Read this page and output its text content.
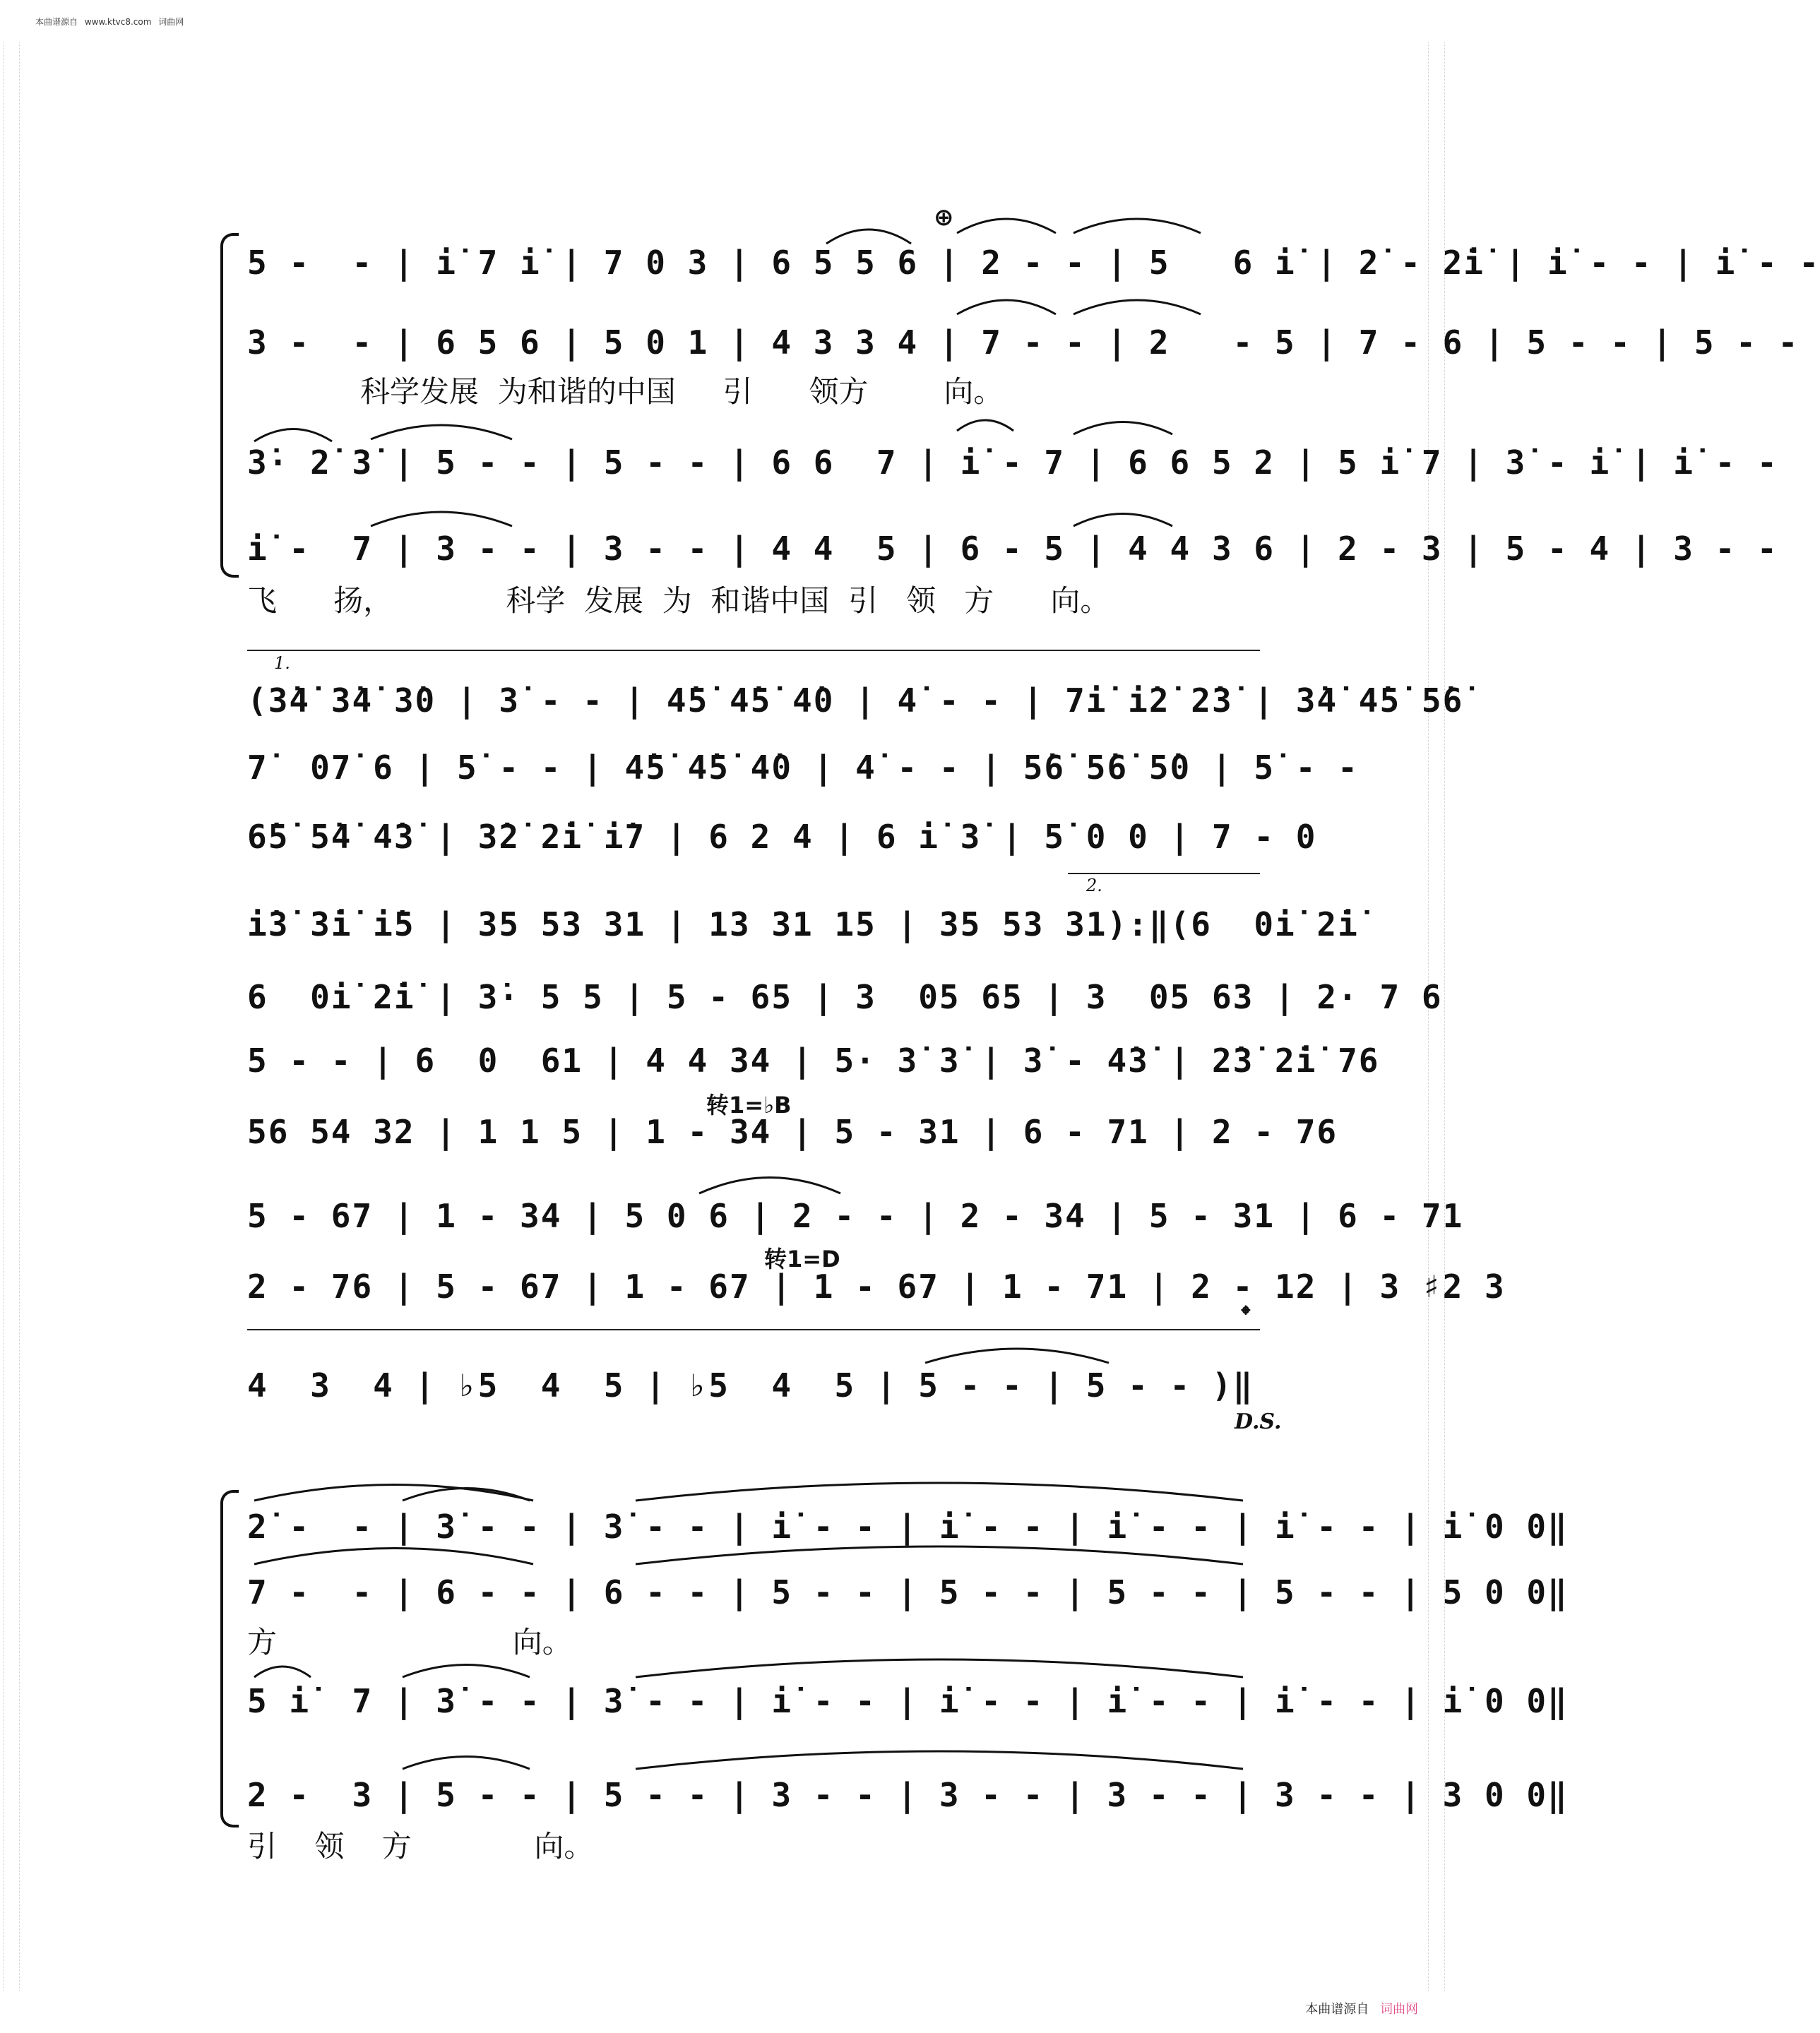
本曲谱源自 www.ktvc8.com 词曲网
⊕
5 -  - | i̇ 7 i̇ | 7 0 3 | 6 5 5 6 | 2 - - | 5   6 i̇ | 2̇ - 2̇i̇ | i̇ - - | i̇ - -
3 -  - | 6 5 6 | 5 0 1 | 4 3 3 4 | 7 - - | 2   - 5 | 7 - 6 | 5 - - | 5 - -
科学发展  为和谐的中国     引      领方        向。
3̇· 2̇ 3̇ | 5 - - | 5 - - | 6 6  7 | i̇ - 7 | 6 6 5 2 | 5 i̇ 7 | 3̇ - i̇ | i̇ - -
i̇ -  7 | 3 - - | 3 - - | 4 4  5 | 6 - 5 | 4 4 3 6 | 2 - 3 | 5 - 4 | 3 - -
飞      扬，            科学  发展  为  和谐中国  引   领   方      向。
1.
(3̇4̇ 3̇4̇ 3̇0 | 3̇ - - | 4̇5̇ 4̇5̇ 4̇0 | 4̇ - - | 7i̇ i̇2̇ 2̇3̇ | 3̇4̇ 4̇5̇ 5̇6̇
7̇  07̇ 6 | 5̇ - - | 4̇5̇ 4̇5̇ 4̇0 | 4̇ - - | 5̇6̇ 5̇6̇ 5̇0 | 5̇ - -
6̇5̇ 5̇4̇ 4̇3̇ | 3̇2̇ 2̇i̇ i̇7 | 6 2 4 | 6 i̇ 3̇ | 5̇ 0 0 | 7 - 0
2.
i̇3̇ 3̇i̇ i̇5 | 35 53 31 | 13 31 15 | 35 53 31):‖(6  0i̇ 2̇i̇
6  0i̇ 2̇i̇ | 3̇· 5 5 | 5 - 65 | 3  05 65 | 3  05 63 | 2· 7 6
5 - - | 6  0  61 | 4 4 34 | 5· 3̇ 3̇ | 3̇ - 4̇3̇ | 2̇3̇ 2̇i̇ 76
转1=♭B
56 54 32 | 1 1 5 | 1 - 34 | 5 - 31 | 6 - 71 | 2 - 76
5 - 67 | 1 - 34 | 5 0 6 | 2 - - | 2 - 34 | 5 - 31 | 6 - 71
转1=D
2 - 76 | 5 - 67 | 1 - 67 | 1 - 67 | 1 - 71 | 2 - 12 | 3 ♯2 3
𝄌
4  3  4 | ♭5  4  5 | ♭5  4  5 | 5 - - | 5 - - )‖
D.S.
2̇ -  - | 3̇ - - | 3̇ - - | i̇ - - | i̇ - - | i̇ - - | i̇ - - | i̇ 0 0‖
7 -  - | 6 - - | 6 - - | 5 - - | 5 - - | 5 - - | 5 - - | 5 0 0‖
方                         向。
5 i̇  7 | 3̇ - - | 3̇ - - | i̇ - - | i̇ - - | i̇ - - | i̇ - - | i̇ 0 0‖
2 -  3 | 5 - - | 5 - - | 3 - - | 3 - - | 3 - - | 3 - - | 3 0 0‖
引    领    方             向。
本曲谱源自 词曲网
